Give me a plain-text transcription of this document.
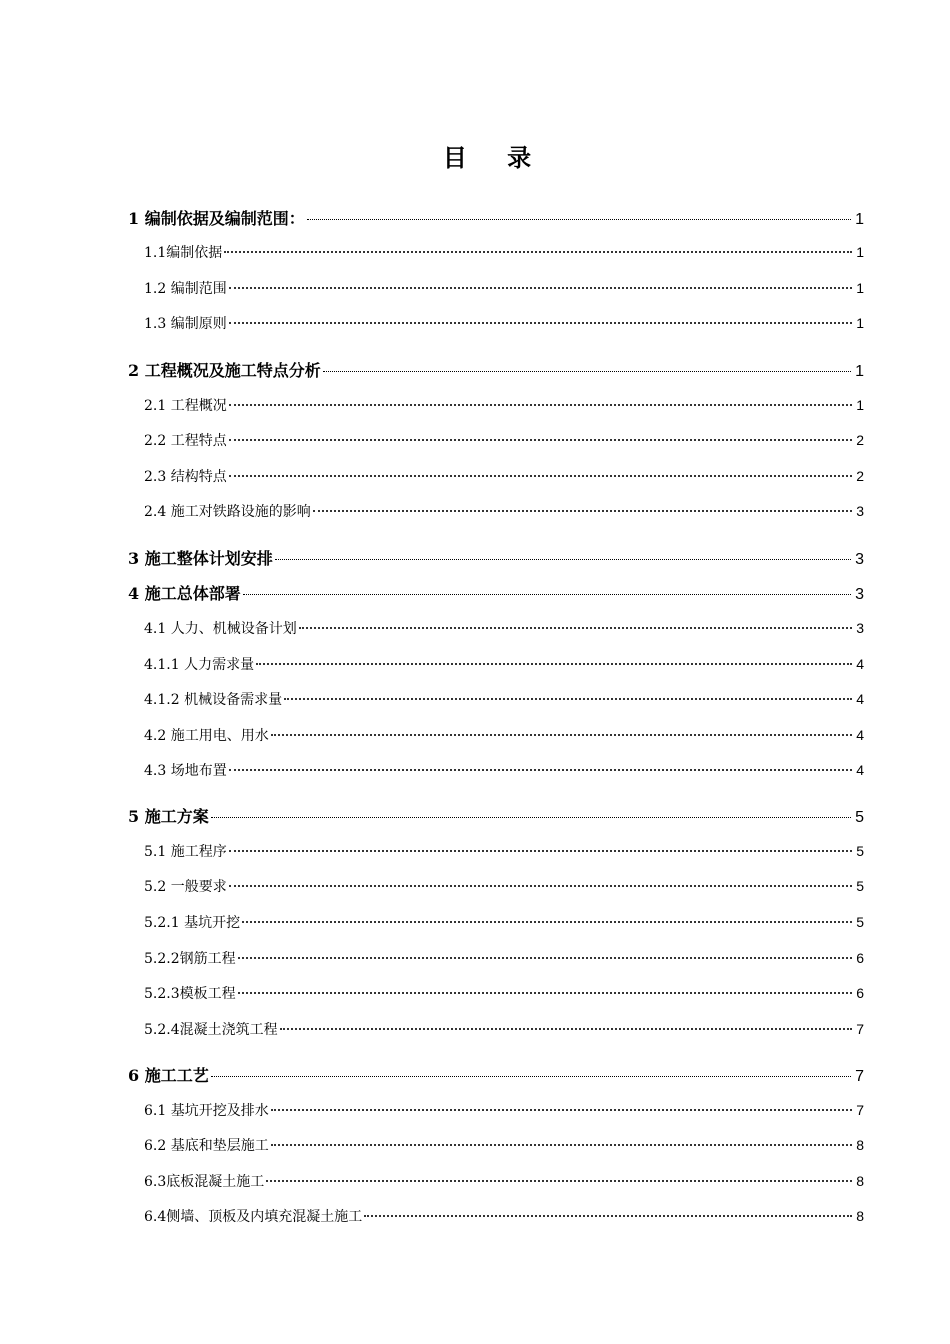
目 录
1 编制依据及编制范围：	1
1.1编制依据	1
1.2 编制范围	1
1.3 编制原则	1
2 工程概况及施工特点分析	1
2.1 工程概况	1
2.2 工程特点	2
2.3 结构特点	2
2.4 施工对铁路设施的影响	3
3 施工整体计划安排	3
4 施工总体部署	3
4.1 人力、机械设备计划	3
4.1.1 人力需求量	4
4.1.2 机械设备需求量	4
4.2 施工用电、用水	4
4.3 场地布置	4
5 施工方案	5
5.1 施工程序	5
5.2 一般要求	5
5.2.1 基坑开挖	5
5.2.2钢筋工程	6
5.2.3模板工程	6
5.2.4混凝土浇筑工程	7
6 施工工艺	7
6.1 基坑开挖及排水	7
6.2 基底和垫层施工	8
6.3底板混凝土施工	8
6.4侧墙、顶板及内填充混凝土施工	8
